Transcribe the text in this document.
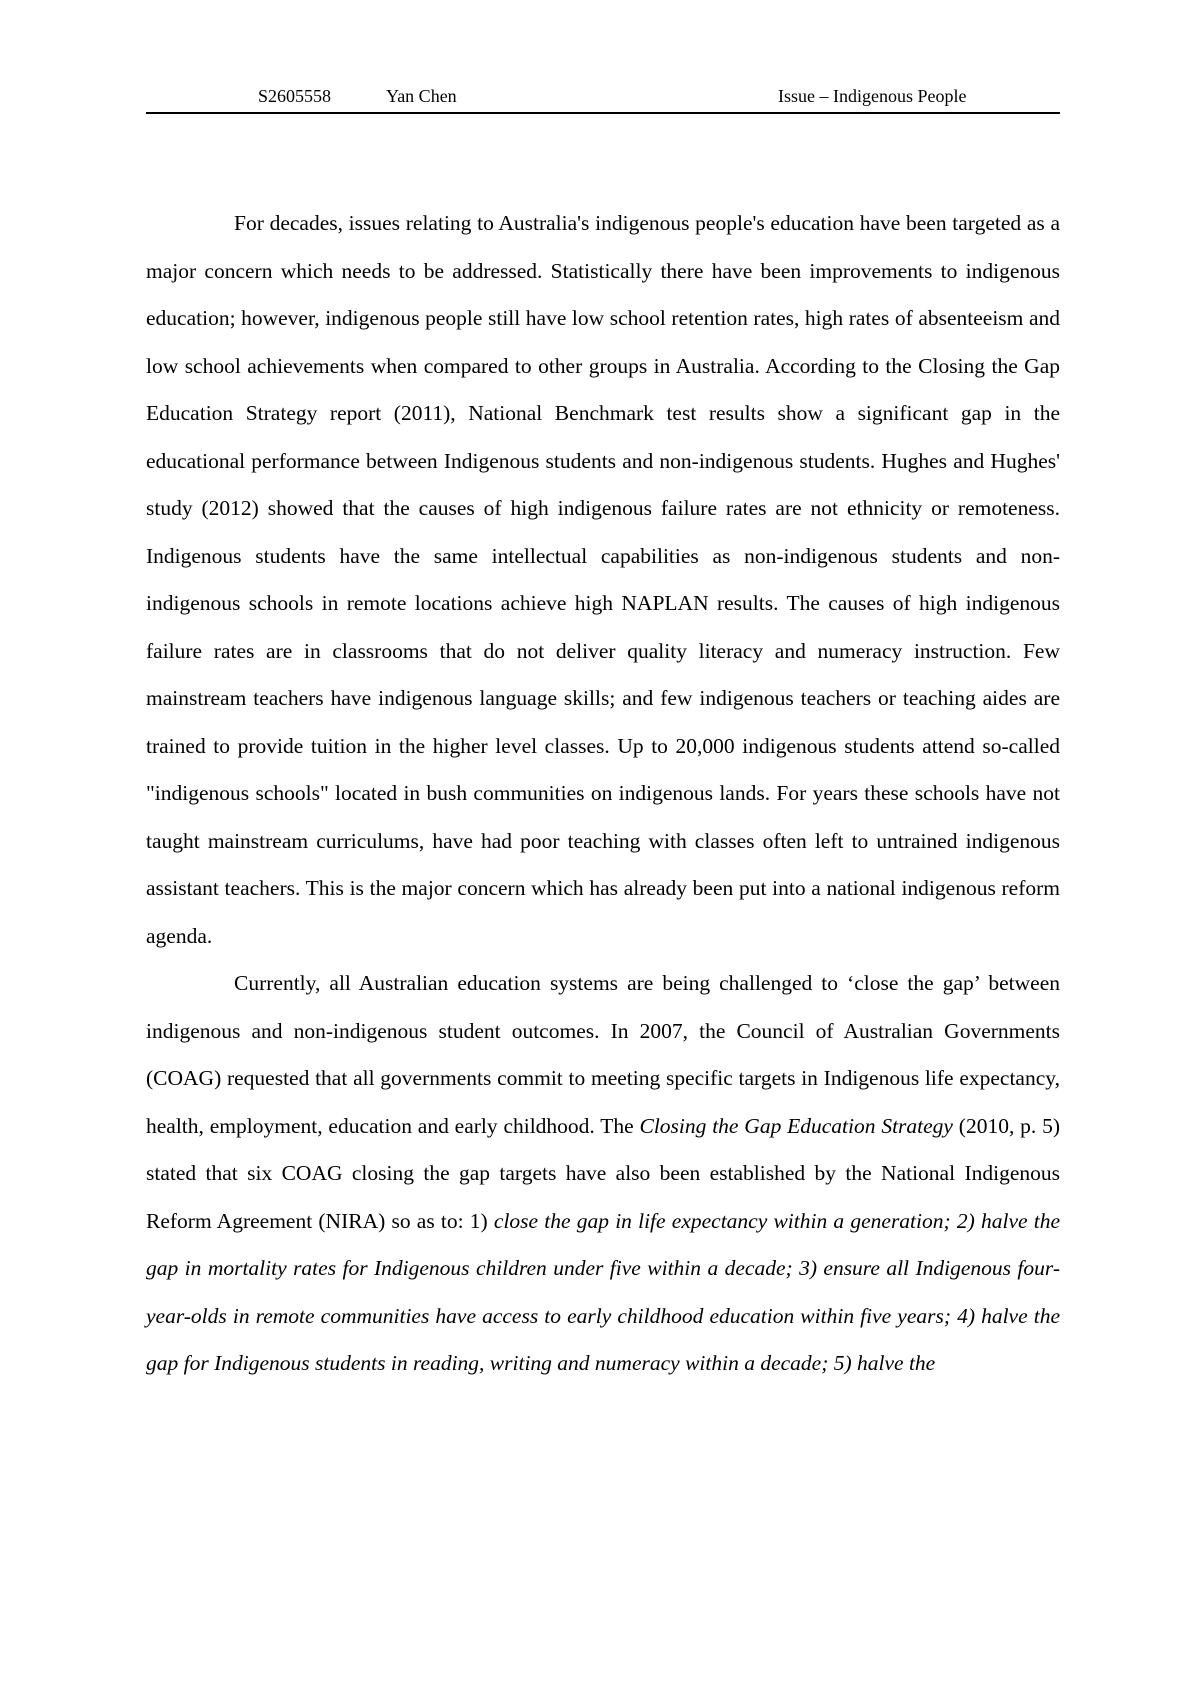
S2605558	Yan Chen	Issue – Indigenous People

For decades, issues relating to Australia's indigenous people's education have been targeted as a major concern which needs to be addressed. Statistically there have been improvements to indigenous education; however, indigenous people still have low school retention rates, high rates of absenteeism and low school achievements when compared to other groups in Australia. According to the Closing the Gap Education Strategy report (2011), National Benchmark test results show a significant gap in the educational performance between Indigenous students and non-indigenous students. Hughes and Hughes' study (2012) showed that the causes of high indigenous failure rates are not ethnicity or remoteness. Indigenous students have the same intellectual capabilities as non-indigenous students and non-indigenous schools in remote locations achieve high NAPLAN results. The causes of high indigenous failure rates are in classrooms that do not deliver quality literacy and numeracy instruction. Few mainstream teachers have indigenous language skills; and few indigenous teachers or teaching aides are trained to provide tuition in the higher level classes. Up to 20,000 indigenous students attend so-called "indigenous schools" located in bush communities on indigenous lands. For years these schools have not taught mainstream curriculums, have had poor teaching with classes often left to untrained indigenous assistant teachers. This is the major concern which has already been put into a national indigenous reform agenda.

Currently, all Australian education systems are being challenged to ‘close the gap’ between indigenous and non-indigenous student outcomes. In 2007, the Council of Australian Governments (COAG) requested that all governments commit to meeting specific targets in Indigenous life expectancy, health, employment, education and early childhood. The Closing the Gap Education Strategy (2010, p. 5) stated that six COAG closing the gap targets have also been established by the National Indigenous Reform Agreement (NIRA) so as to: 1) close the gap in life expectancy within a generation; 2) halve the gap in mortality rates for Indigenous children under five within a decade; 3) ensure all Indigenous four-year-olds in remote communities have access to early childhood education within five years; 4) halve the gap for Indigenous students in reading, writing and numeracy within a decade; 5) halve the
